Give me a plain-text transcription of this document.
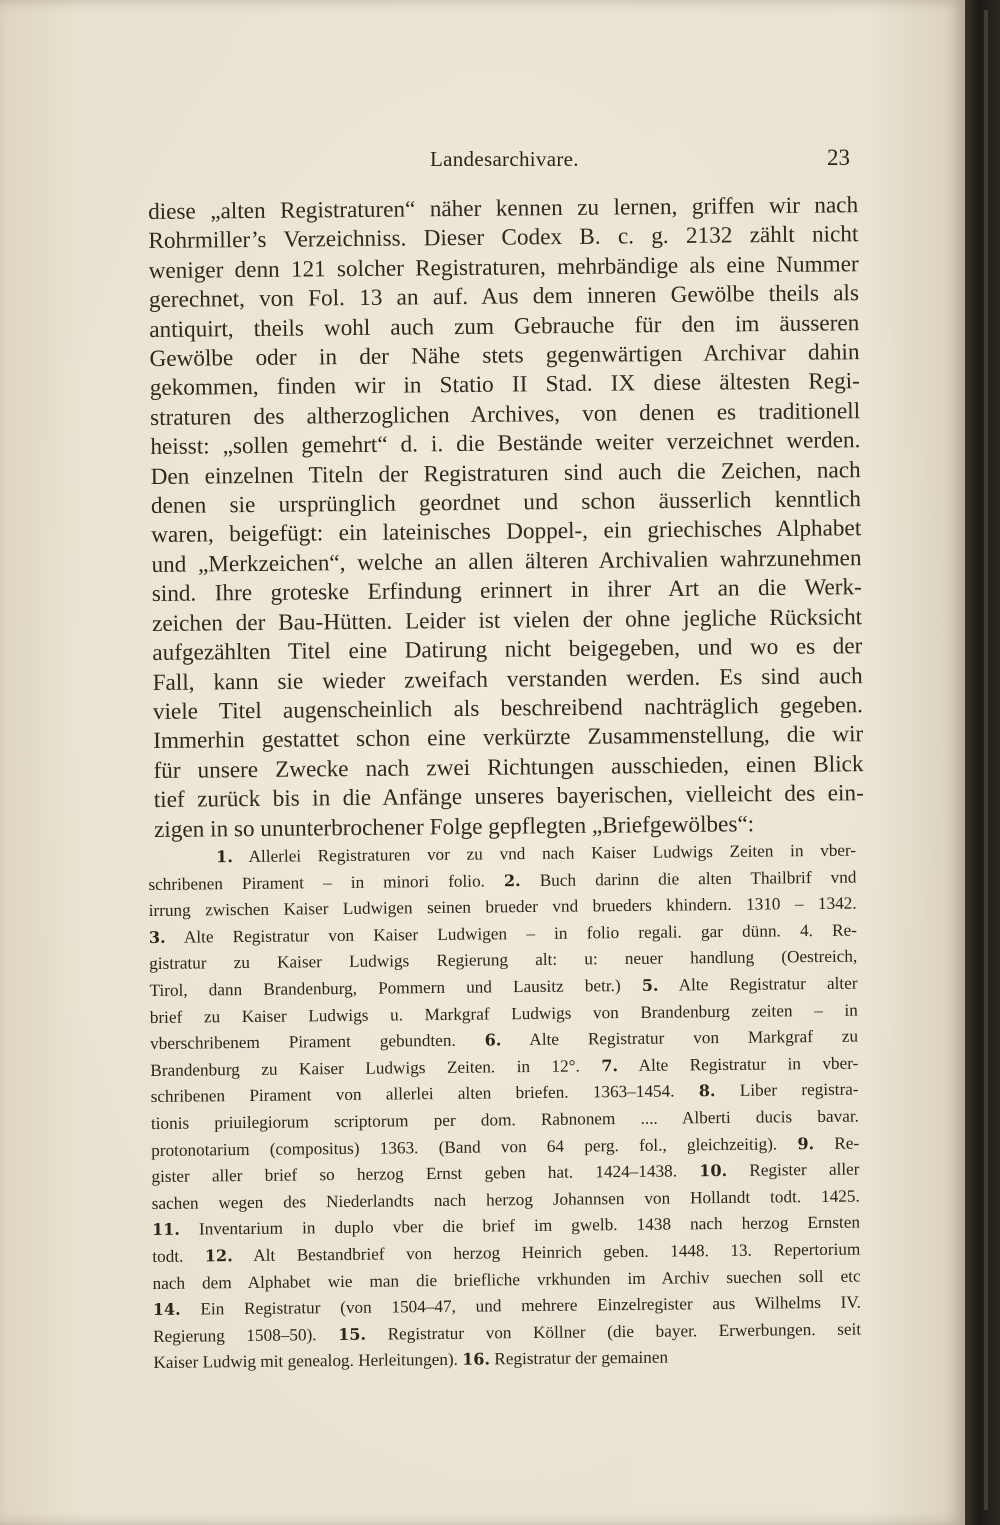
Landesarchivare.	23
diese „alten Registraturen“ näher kennen zu lernen, griffen wir nach
Rohrmiller’s Verzeichniss. Dieser Codex B. c. g. 2132 zählt nicht
weniger denn 121 solcher Registraturen, mehrbändige als eine Nummer
gerechnet, von Fol. 13 an auf. Aus dem inneren Gewölbe theils als
antiquirt, theils wohl auch zum Gebrauche für den im äusseren
Gewölbe oder in der Nähe stets gegenwärtigen Archivar dahin
gekommen, finden wir in Statio II Stad. IX diese ältesten Regi-
straturen des altherzoglichen Archives, von denen es traditionell
heisst: „sollen gemehrt“ d. i. die Bestände weiter verzeichnet werden.
Den einzelnen Titeln der Registraturen sind auch die Zeichen, nach
denen sie ursprünglich geordnet und schon äusserlich kenntlich
waren, beigefügt: ein lateinisches Doppel-, ein griechisches Alphabet
und „Merkzeichen“, welche an allen älteren Archivalien wahrzunehmen
sind. Ihre groteske Erfindung erinnert in ihrer Art an die Werk-
zeichen der Bau-Hütten. Leider ist vielen der ohne jegliche Rücksicht
aufgezählten Titel eine Datirung nicht beigegeben, und wo es der
Fall, kann sie wieder zweifach verstanden werden. Es sind auch
viele Titel augenscheinlich als beschreibend nachträglich gegeben.
Immerhin gestattet schon eine verkürzte Zusammenstellung, die wir
für unsere Zwecke nach zwei Richtungen ausschieden, einen Blick
tief zurück bis in die Anfänge unseres bayerischen, vielleicht des ein-
zigen in so ununterbrochener Folge gepflegten „Briefgewölbes“:
1. Allerlei Registraturen vor zu vnd nach Kaiser Ludwigs Zeiten in vber-
schribenen Pirament – in minori folio. 2. Buch darinn die alten Thailbrif vnd
irrung zwischen Kaiser Ludwigen seinen brueder vnd brueders khindern. 1310 – 1342.
3. Alte Registratur von Kaiser Ludwigen – in folio regali. gar dünn. 4. Re-
gistratur zu Kaiser Ludwigs Regierung alt: u: neuer handlung (Oestreich,
Tirol, dann Brandenburg, Pommern und Lausitz betr.) 5. Alte Registratur alter
brief zu Kaiser Ludwigs u. Markgraf Ludwigs von Brandenburg zeiten – in
vberschribenem Pirament gebundten. 6. Alte Registratur von Markgraf zu
Brandenburg zu Kaiser Ludwigs Zeiten. in 12°. 7. Alte Registratur in vber-
schribenen Pirament von allerlei alten briefen. 1363–1454. 8. Liber registra-
tionis priuilegiorum scriptorum per dom. Rabnonem .... Alberti ducis bavar.
protonotarium (compositus) 1363. (Band von 64 perg. fol., gleichzeitig). 9. Re-
gister aller brief so herzog Ernst geben hat. 1424–1438. 10. Register aller
sachen wegen des Niederlandts nach herzog Johannsen von Hollandt todt. 1425.
11. Inventarium in duplo vber die brief im gwelb. 1438 nach herzog Ernsten
todt. 12. Alt Bestandbrief von herzog Heinrich geben. 1448. 13. Repertorium
nach dem Alphabet wie man die briefliche vrkhunden im Archiv suechen soll etc
14. Ein Registratur (von 1504–47, und mehrere Einzelregister aus Wilhelms IV.
Regierung 1508–50). 15. Registratur von Köllner (die bayer. Erwerbungen. seit
Kaiser Ludwig mit genealog. Herleitungen). 16. Registratur der gemainen
